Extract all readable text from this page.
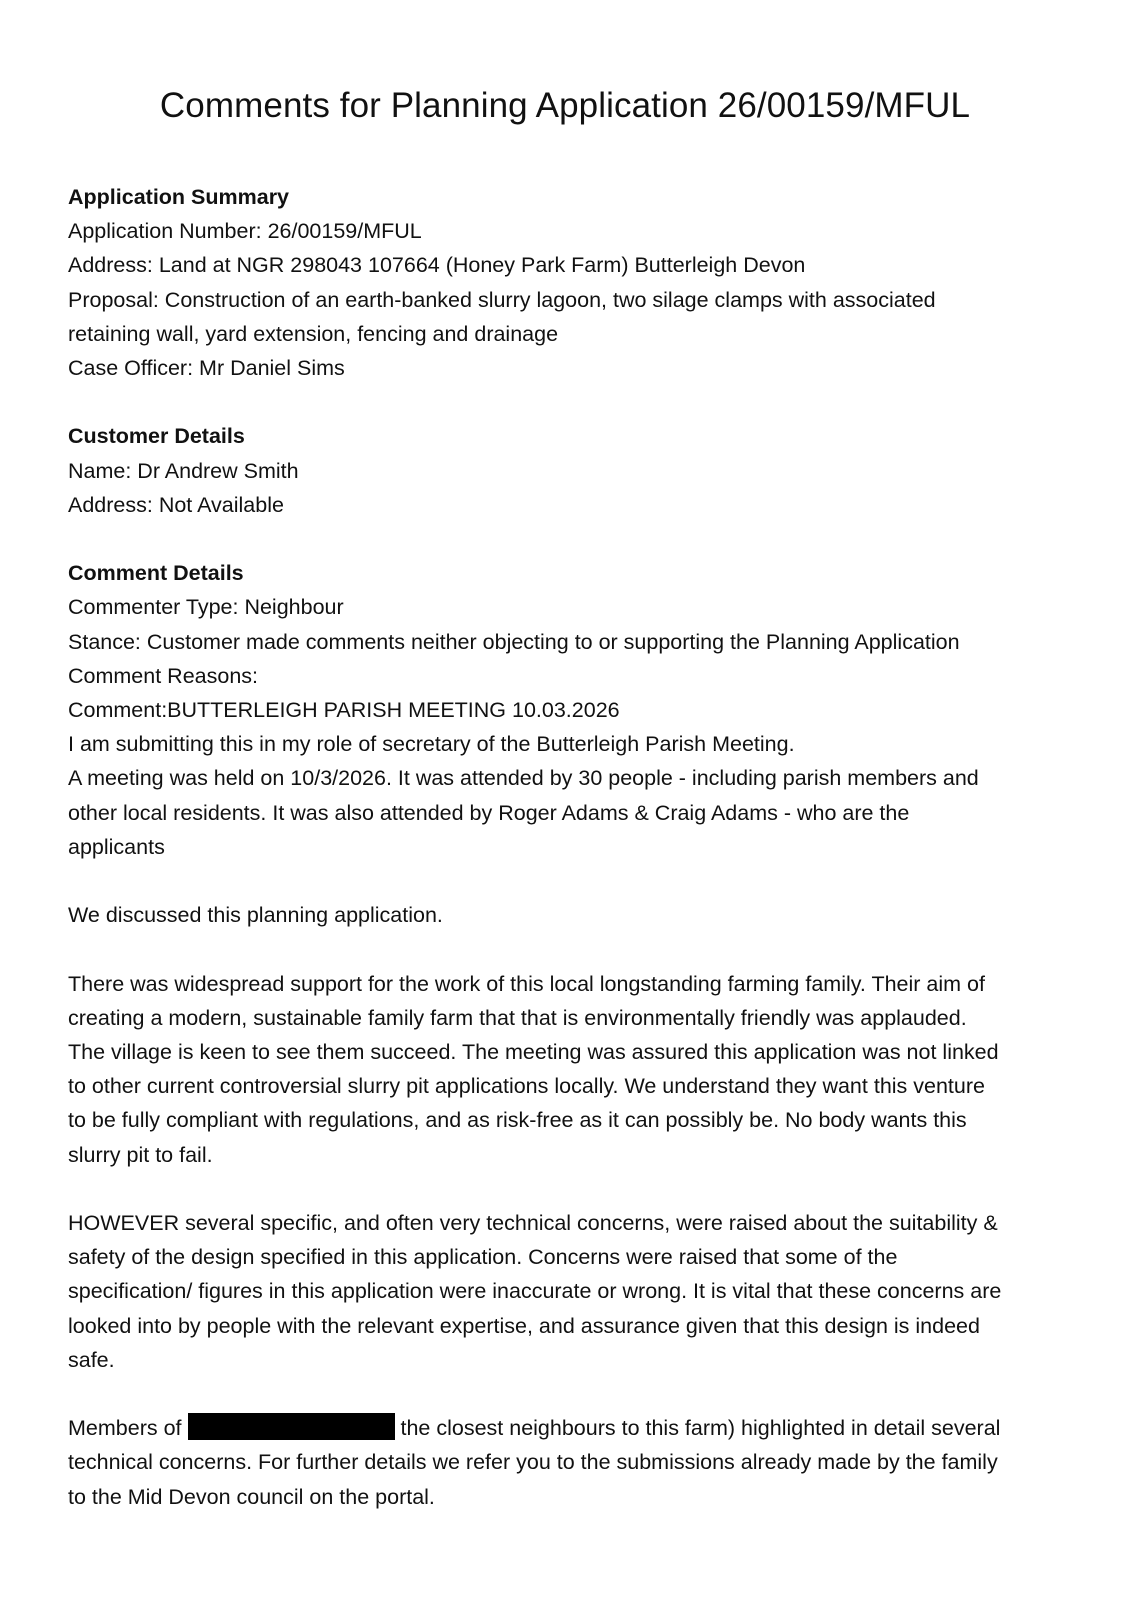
Comments for Planning Application 26/00159/MFUL

Application Summary

Application Number: 26/00159/MFUL

Address: Land at NGR 298043 107664 (Honey Park Farm) Butterleigh Devon

Proposal: Construction of an earth-banked slurry lagoon, two silage clamps with associated

retaining wall, yard extension, fencing and drainage

Case Officer: Mr Daniel Sims

Customer Details

Name: Dr Andrew Smith

Address: Not Available

Comment Details

Commenter Type: Neighbour

Stance: Customer made comments neither objecting to or supporting the Planning Application

Comment Reasons:

Comment:BUTTERLEIGH PARISH MEETING 10.03.2026

I am submitting this in my role of secretary of the Butterleigh Parish Meeting.

A meeting was held on 10/3/2026. It was attended by 30 people - including parish members and

other local residents. It was also attended by Roger Adams & Craig Adams - who are the

applicants

We discussed this planning application.

There was widespread support for the work of this local longstanding farming family. Their aim of

creating a modern, sustainable family farm that that is environmentally friendly was applauded.

The village is keen to see them succeed. The meeting was assured this application was not linked

to other current controversial slurry pit applications locally. We understand they want this venture

to be fully compliant with regulations, and as risk-free as it can possibly be. No body wants this

slurry pit to fail.

HOWEVER several specific, and often very technical concerns, were raised about the suitability &

safety of the design specified in this application. Concerns were raised that some of the

specification/ figures in this application were inaccurate or wrong. It is vital that these concerns are

looked into by people with the relevant expertise, and assurance given that this design is indeed

safe.

Members of	the closest neighbours to this farm) highlighted in detail several

technical concerns. For further details we refer you to the submissions already made by the family

to the Mid Devon council on the portal.
